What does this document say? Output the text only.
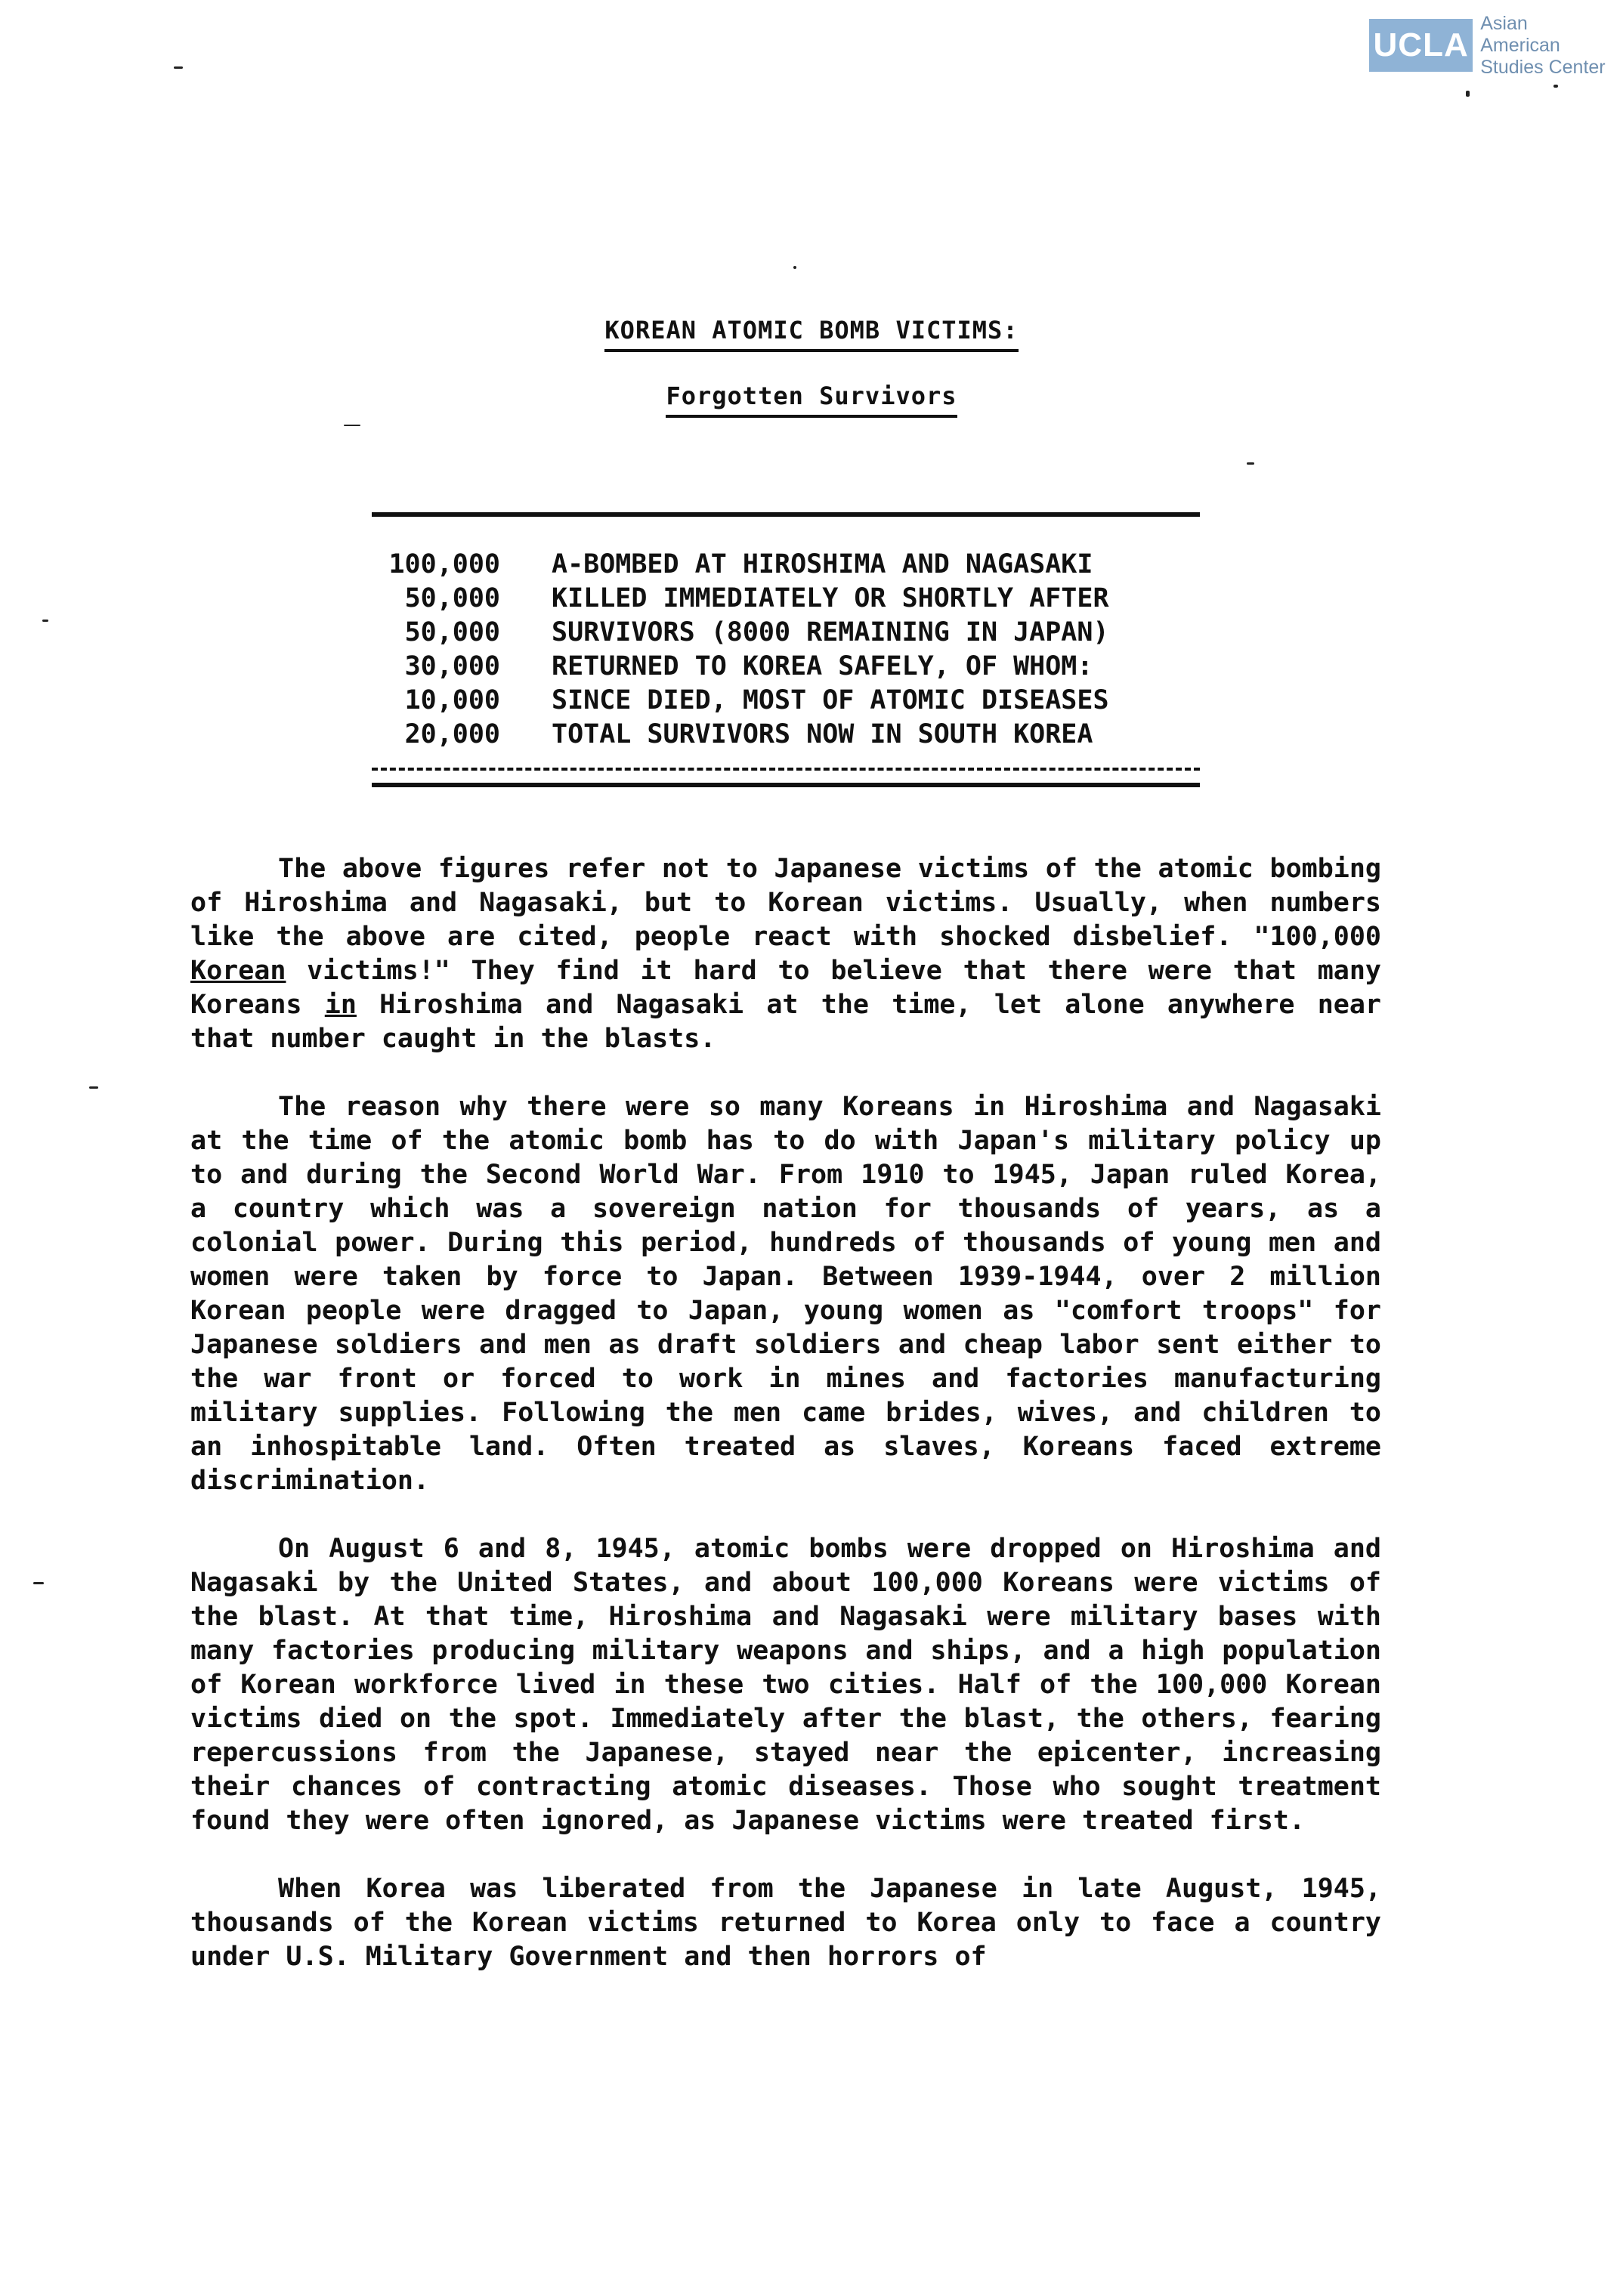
UCLA
Asian American
Studies Center
KOREAN ATOMIC BOMB VICTIMS:
Forgotten Survivors
100,000 A-BOMBED AT HIROSHIMA AND NAGASAKI
50,000 KILLED IMMEDIATELY OR SHORTLY AFTER
50,000 SURVIVORS (8000 REMAINING IN JAPAN)
30,000 RETURNED TO KOREA SAFELY, OF WHOM:
10,000 SINCE DIED, MOST OF ATOMIC DISEASES
20,000 TOTAL SURVIVORS NOW IN SOUTH KOREA

The above figures refer not to Japanese victims of the atomic bombing of Hiroshima and Nagasaki, but to Korean victims. Usually, when numbers like the above are cited, people react with shocked disbelief. "100,000 Korean victims!" They find it hard to believe that there were that many Koreans in Hiroshima and Nagasaki at the time, let alone anywhere near that number caught in the blasts.

The reason why there were so many Koreans in Hiroshima and Nagasaki at the time of the atomic bomb has to do with Japan's military policy up to and during the Second World War. From 1910 to 1945, Japan ruled Korea, a country which was a sovereign nation for thousands of years, as a colonial power. During this period, hundreds of thousands of young men and women were taken by force to Japan. Between 1939-1944, over 2 million Korean people were dragged to Japan, young women as "comfort troops" for Japanese soldiers and men as draft soldiers and cheap labor sent either to the war front or forced to work in mines and factories manufacturing military supplies. Following the men came brides, wives, and children to an inhospitable land. Often treated as slaves, Koreans faced extreme discrimination.

On August 6 and 8, 1945, atomic bombs were dropped on Hiroshima and Nagasaki by the United States, and about 100,000 Koreans were victims of the blast. At that time, Hiroshima and Nagasaki were military bases with many factories producing military weapons and ships, and a high population of Korean workforce lived in these two cities. Half of the 100,000 Korean victims died on the spot. Immediately after the blast, the others, fearing repercussions from the Japanese, stayed near the epicenter, increasing their chances of contracting atomic diseases. Those who sought treatment found they were often ignored, as Japanese victims were treated first.

When Korea was liberated from the Japanese in late August, 1945, thousands of the Korean victims returned to Korea only to face a country under U.S. Military Government and then horrors of
